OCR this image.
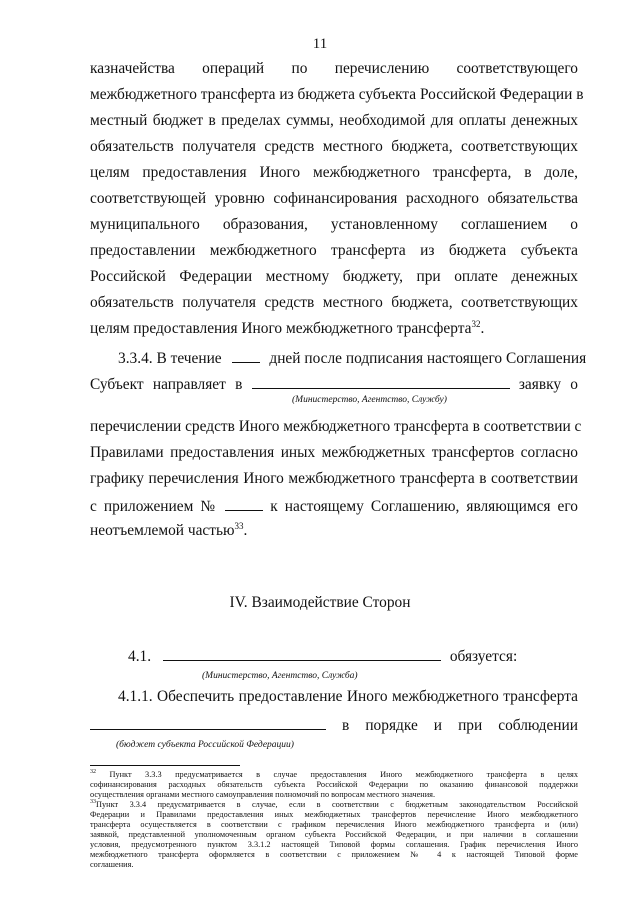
11
казначейства операций по перечислению соответствующего
межбюджетного трансферта из бюджета субъекта Российской Федерации в
местный бюджет в пределах суммы, необходимой для оплаты денежных
обязательств получателя средств местного бюджета, соответствующих
целям предоставления Иного межбюджетного трансферта, в доле,
соответствующей уровню софинансирования расходного обязательства
муниципального образования, установленному соглашением о
предоставлении межбюджетного трансферта из бюджета субъекта
Российской Федерации местному бюджету, при оплате денежных
обязательств получателя средств местного бюджета, соответствующих
целям предоставления Иного межбюджетного трансферта$^{32}$.
3.3.4. В течение	дней после подписания настоящего Соглашения
Субъект направляет в	заявку о
(Министерство, Агентство, Службу)
перечислении средств Иного межбюджетного трансферта в соответствии с
Правилами предоставления иных межбюджетных трансфертов согласно
графику перечисления Иного межбюджетного трансферта в соответствии
с приложением №	к настоящему Соглашению, являющимся его
неотъемлемой частью$^{33}$.
IV. Взаимодействие Сторон
4.1.	обязуется:
(Министерство, Агентство, Служба)
4.1.1. Обеспечить предоставление Иного межбюджетного трансферта
в порядке и при соблюдении
(бюджет субъекта Российской Федерации)
$^{32}$ Пункт 3.3.3 предусматривается в случае предоставления Иного межбюджетного трансферта в целях
софинансирования расходных обязательств субъекта Российской Федерации по оказанию финансовой поддержки
осуществления органами местного самоуправления полномочий по вопросам местного значения.
$^{33}$Пункт 3.3.4 предусматривается в случае, если в соответствии с бюджетным законодательством Российской
Федерации и Правилами предоставления иных межбюджетных трансфертов перечисление Иного межбюджетного
трансферта осуществляется в соответствии с графиком перечисления Иного межбюджетного трансферта и (или)
заявкой, представленной уполномоченным органом субъекта Российской Федерации, и при наличии в соглашении
условия, предусмотренного пунктом 3.3.1.2 настоящей Типовой формы соглашения. График перечисления Иного
межбюджетного трансферта оформляется в соответствии с приложением № 4 к настоящей Типовой форме
соглашения.
